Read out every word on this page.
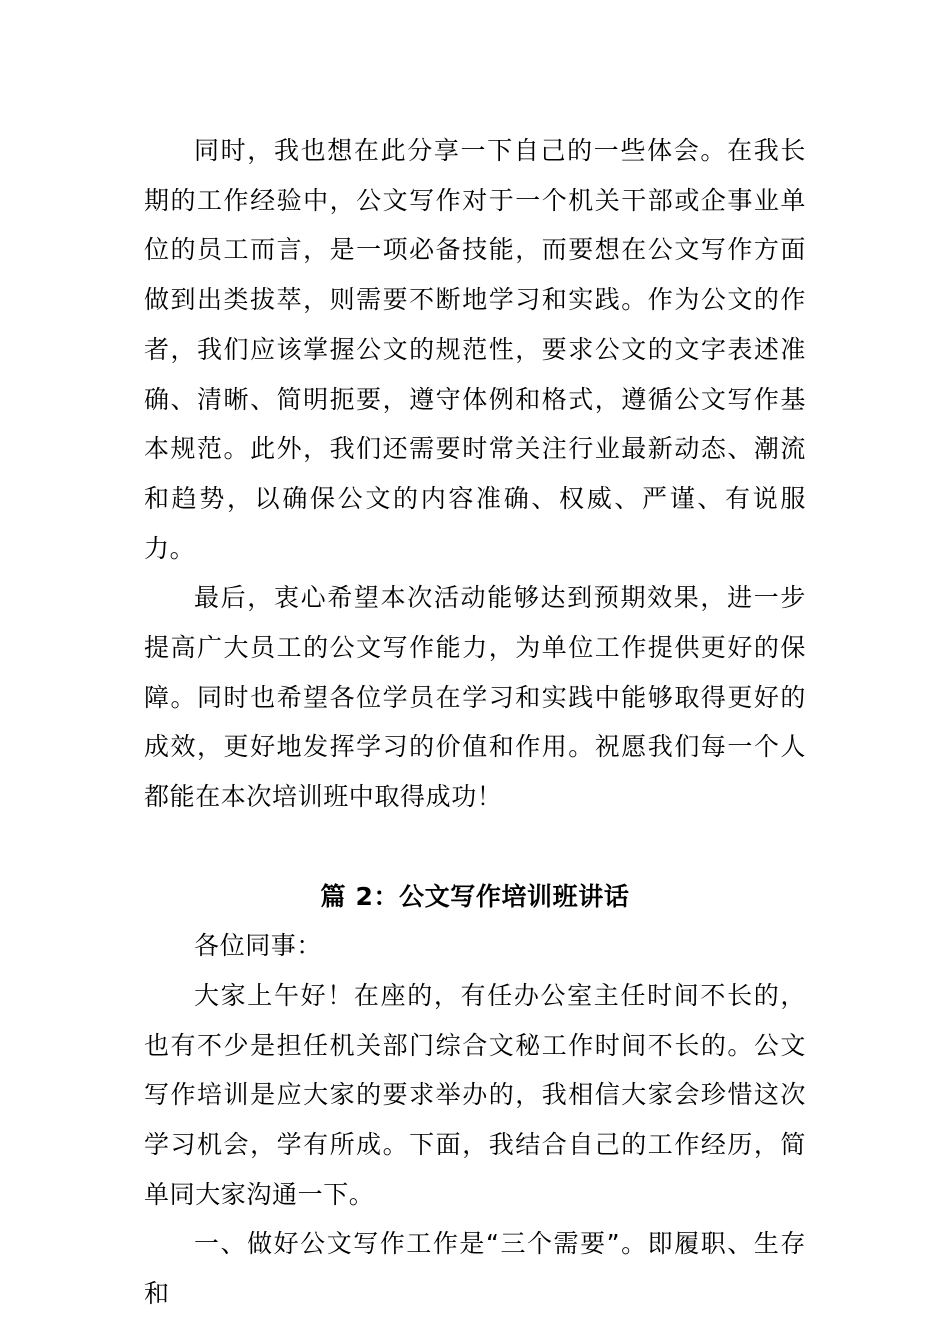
同时，我也想在此分享一下自己的一些体会。在我长期的工作经验中，公文写作对于一个机关干部或企事业单位的员工而言，是一项必备技能，而要想在公文写作方面做到出类拔萃，则需要不断地学习和实践。作为公文的作者，我们应该掌握公文的规范性，要求公文的文字表述准确、清晰、简明扼要，遵守体例和格式，遵循公文写作基本规范。此外，我们还需要时常关注行业最新动态、潮流和趋势，以确保公文的内容准确、权威、严谨、有说服力。

最后，衷心希望本次活动能够达到预期效果，进一步提高广大员工的公文写作能力，为单位工作提供更好的保障。同时也希望各位学员在学习和实践中能够取得更好的成效，更好地发挥学习的价值和作用。祝愿我们每一个人都能在本次培训班中取得成功！

篇 2：公文写作培训班讲话

各位同事：

大家上午好！在座的，有任办公室主任时间不长的，也有不少是担任机关部门综合文秘工作时间不长的。公文写作培训是应大家的要求举办的，我相信大家会珍惜这次学习机会，学有所成。下面，我结合自己的工作经历，简单同大家沟通一下。

一、做好公文写作工作是“三个需要”。即履职、生存和
